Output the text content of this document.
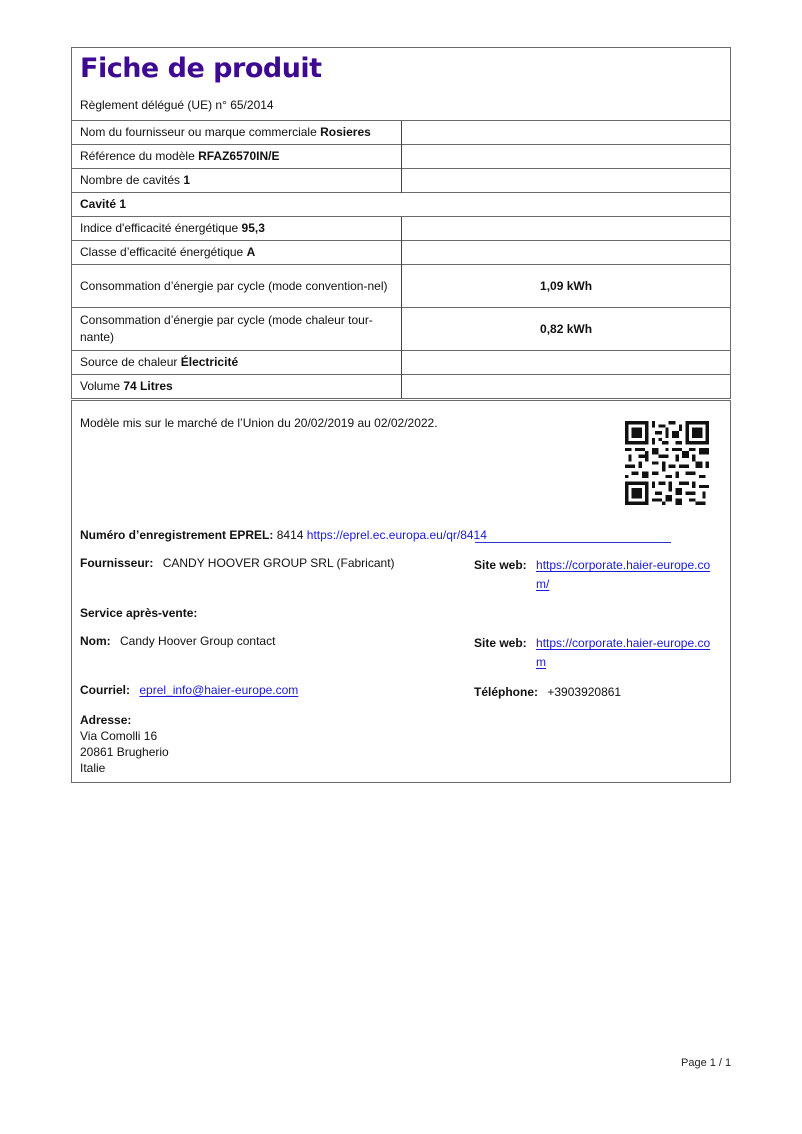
Fiche de produit
Règlement délégué (UE) n° 65/2014
Nom du fournisseur ou marque commerciale Rosieres	
Référence du modèle RFAZ6570IN/E	
Nombre de cavités 1	
Cavité 1	
Indice d'efficacité énergétique 95,3	
Classe d’efficacité énergétique A	
Consommation d’énergie par cycle (mode convention-nel)	1,09 kWh
Consommation d’énergie par cycle (mode chaleur tour-nante)	0,82 kWh
Source de chaleur Électricité	
Volume 74 Litres	
Modèle mis sur le marché de l’Union du 20/02/2019 au 02/02/2022.
Numéro d’enregistrement EPREL: 8414 https://eprel.ec.europa.eu/qr/8414
Fournisseur: CANDY HOOVER GROUP SRL (Fabricant)	Site web: https://corporate.haier-europe.com/
Service après-vente:
Nom: Candy Hoover Group contact	Site web: https://corporate.haier-europe.com
Courriel: eprel_info@haier-europe.com	Téléphone: +3903920861
Adresse:
Via Comolli 16
20861 Brugherio
Italie
Page 1 / 1
